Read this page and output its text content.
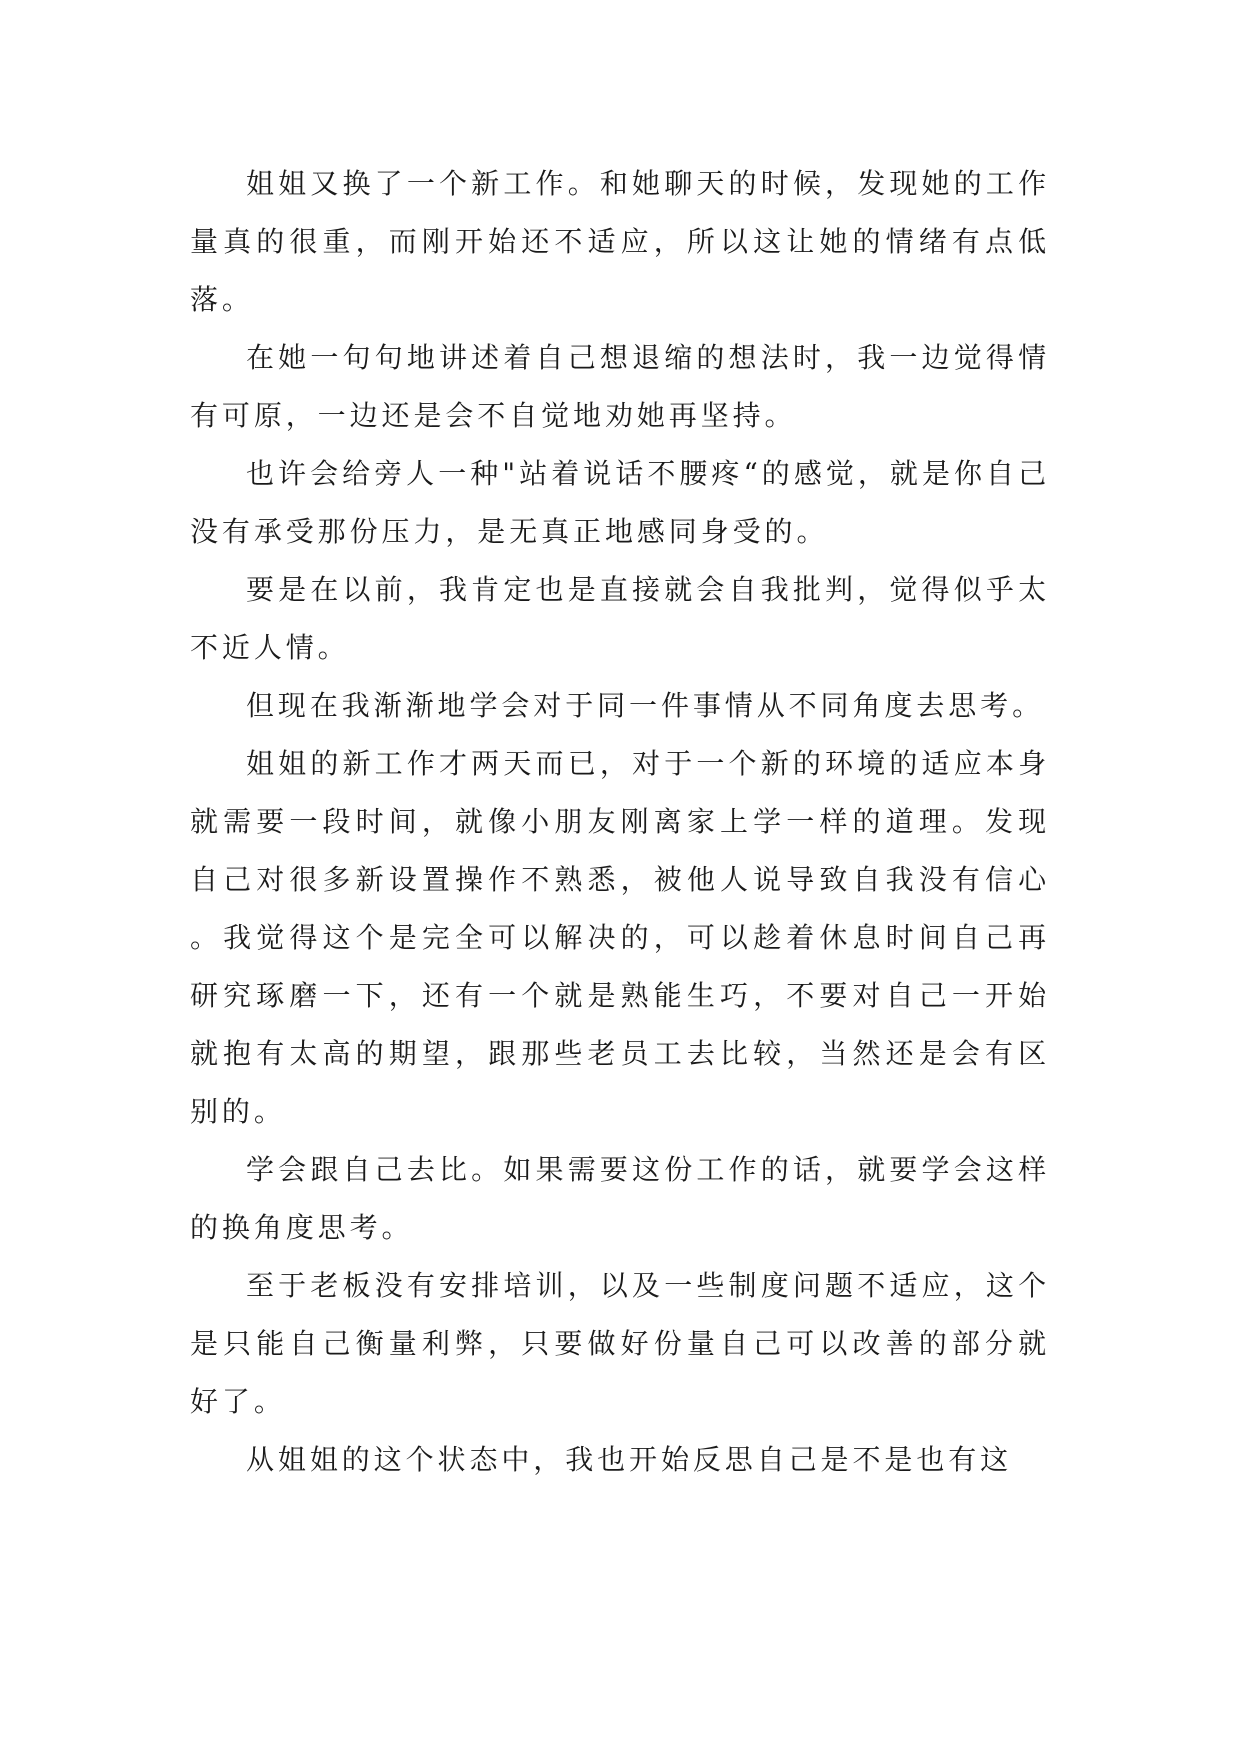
姐姐又换了一个新工作。和她聊天的时候，发现她的工作量真的很重，而刚开始还不适应，所以这让她的情绪有点低落。

在她一句句地讲述着自己想退缩的想法时，我一边觉得情有可原，一边还是会不自觉地劝她再坚持。

也许会给旁人一种"站着说话不腰疼“的感觉，就是你自己没有承受那份压力，是无真正地感同身受的。

要是在以前，我肯定也是直接就会自我批判，觉得似乎太不近人情。

但现在我渐渐地学会对于同一件事情从不同角度去思考。

姐姐的新工作才两天而已，对于一个新的环境的适应本身就需要一段时间，就像小朋友刚离家上学一样的道理。发现自己对很多新设置操作不熟悉，被他人说导致自我没有信心。我觉得这个是完全可以解决的，可以趁着休息时间自己再研究琢磨一下，还有一个就是熟能生巧，不要对自己一开始就抱有太高的期望，跟那些老员工去比较，当然还是会有区别的。

学会跟自己去比。如果需要这份工作的话，就要学会这样的换角度思考。

至于老板没有安排培训，以及一些制度问题不适应，这个是只能自己衡量利弊，只要做好份量自己可以改善的部分就好了。

从姐姐的这个状态中，我也开始反思自己是不是也有这
